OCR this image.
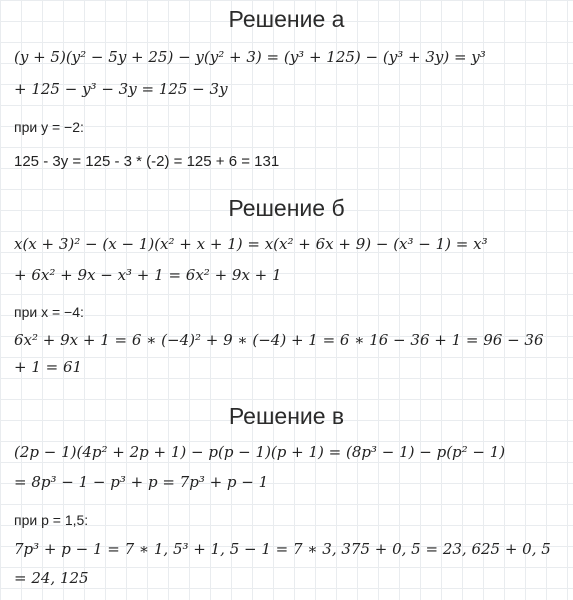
Решение а
(y + 5)(y² − 5y + 25) − y(y² + 3) = (y³ + 125) − (y³ + 3y) = y³
+ 125 − y³ − 3y = 125 − 3y
при y = −2:
125 - 3y = 125 - 3 * (-2) = 125 + 6 = 131
Решение б
x(x + 3)² − (x − 1)(x² + x + 1) = x(x² + 6x + 9) − (x³ − 1) = x³
+ 6x² + 9x − x³ + 1 = 6x² + 9x + 1
при x = −4:
6x² + 9x + 1 = 6 ∗ (−4)² + 9 ∗ (−4) + 1 = 6 ∗ 16 − 36 + 1 = 96 − 36
+ 1 = 61
Решение в
(2p − 1)(4p² + 2p + 1) − p(p − 1)(p + 1) = (8p³ − 1) − p(p² − 1)
= 8p³ − 1 − p³ + p = 7p³ + p − 1
при p = 1,5:
7p³ + p − 1 = 7 ∗ 1, 5³ + 1, 5 − 1 = 7 ∗ 3, 375 + 0, 5 = 23, 625 + 0, 5
= 24, 125
